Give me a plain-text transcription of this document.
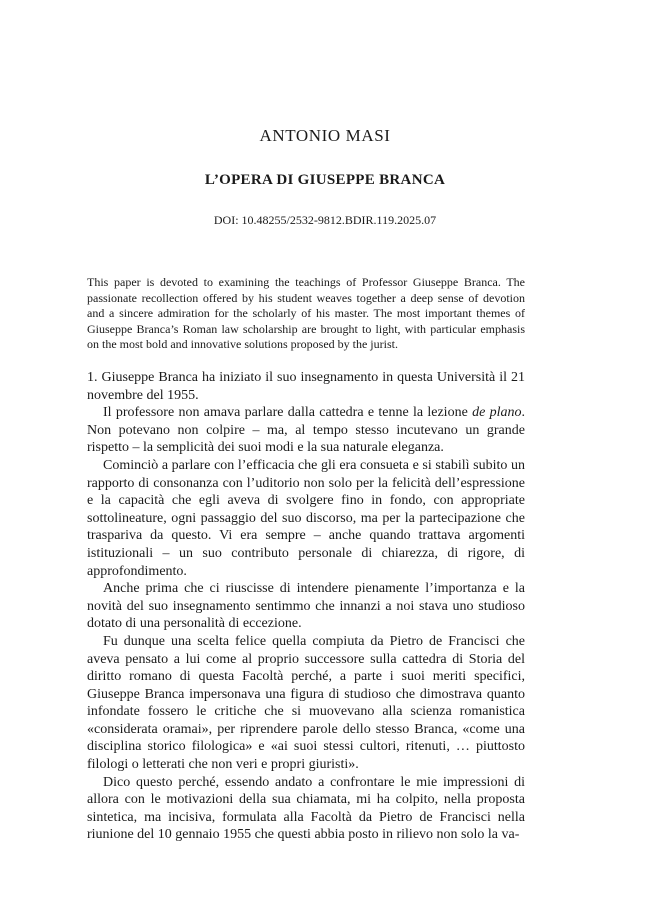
ANTONIO MASI
L’OPERA DI GIUSEPPE BRANCA
DOI: 10.48255/2532-9812.BDIR.119.2025.07
This paper is devoted to examining the teachings of Professor Giuseppe Branca. The passionate recollection offered by his student weaves together a deep sense of devotion and a sincere admiration for the scholarly of his master. The most important themes of Giuseppe Branca’s Roman law scholarship are brought to light, with particular emphasis on the most bold and innovative solutions proposed by the jurist.

1. Giuseppe Branca ha iniziato il suo insegnamento in questa Università il 21 novembre del 1955.

Il professore non amava parlare dalla cattedra e tenne la lezione de plano. Non potevano non colpire – ma, al tempo stesso incutevano un grande rispetto – la semplicità dei suoi modi e la sua naturale eleganza.

Cominciò a parlare con l’efficacia che gli era consueta e si stabilì subito un rapporto di consonanza con l’uditorio non solo per la felicità dell’espressione e la capacità che egli aveva di svolgere fino in fondo, con appropriate sottolineature, ogni passaggio del suo discorso, ma per la partecipazione che traspariva da questo. Vi era sempre – anche quando trattava argomenti istituzionali – un suo contributo personale di chiarezza, di rigore, di approfondimento.

Anche prima che ci riuscisse di intendere pienamente l’importanza e la novità del suo insegnamento sentimmo che innanzi a noi stava uno studioso dotato di una personalità di eccezione.

Fu dunque una scelta felice quella compiuta da Pietro de Francisci che aveva pensato a lui come al proprio successore sulla cattedra di Storia del diritto romano di questa Facoltà perché, a parte i suoi meriti specifici, Giuseppe Branca impersonava una figura di studioso che dimostrava quanto infondate fossero le critiche che si muovevano alla scienza romanistica «considerata oramai», per riprendere parole dello stesso Branca, «come una disciplina storico filologica» e «ai suoi stessi cultori, ritenuti, … piuttosto filologi o letterati che non veri e propri giuristi».

Dico questo perché, essendo andato a confrontare le mie impressioni di allora con le motivazioni della sua chiamata, mi ha colpito, nella proposta sintetica, ma incisiva, formulata alla Facoltà da Pietro de Francisci nella riunione del 10 gennaio 1955 che questi abbia posto in rilievo non solo la va-
